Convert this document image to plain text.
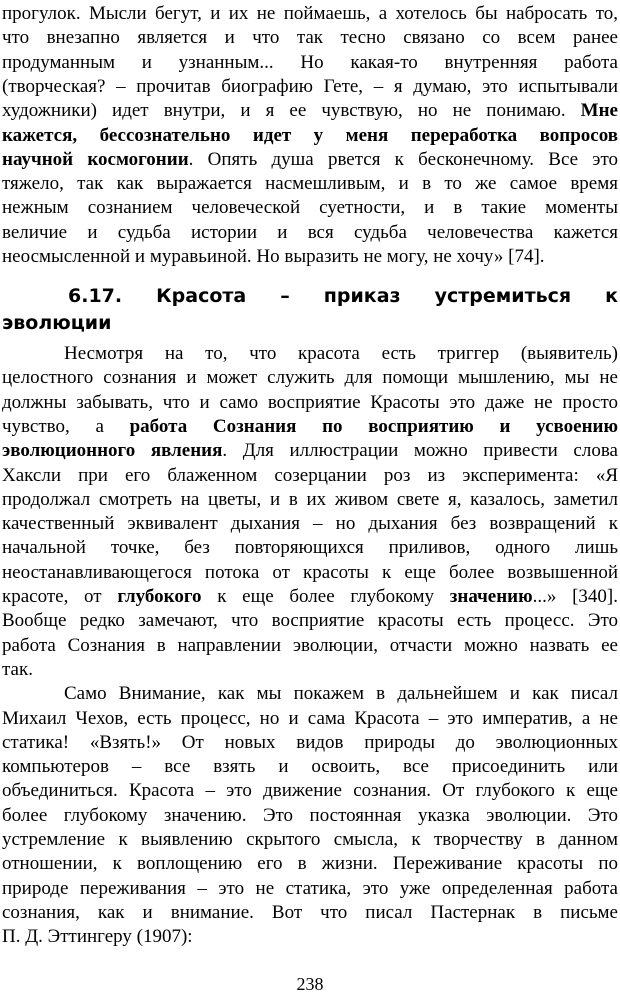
прогулок. Мысли бегут, и их не поймаешь, а хотелось бы набросать то,
что внезапно является и что так тесно связано со всем ранее
продуманным и узнанным... Но какая-то внутренняя работа
(творческая? – прочитав биографию Гете, – я думаю, это испытывали
художники) идет внутри, и я ее чувствую, но не понимаю. Мне
кажется, бессознательно идет у меня переработка вопросов
научной космогонии. Опять душа рвется к бесконечному. Все это
тяжело, так как выражается насмешливым, и в то же самое время
нежным сознанием человеческой суетности, и в такие моменты
величие и судьба истории и вся судьба человечества кажется
неосмысленной и муравьиной. Но выразить не могу, не хочу» [74].
6.17. Красота – приказ устремиться к
эволюции
Несмотря на то, что красота есть триггер (выявитель)
целостного сознания и может служить для помощи мышлению, мы не
должны забывать, что и само восприятие Красоты это даже не просто
чувство, а работа Сознания по восприятию и усвоению
эволюционного явления. Для иллюстрации можно привести слова
Хаксли при его блаженном созерцании роз из эксперимента: «Я
продолжал смотреть на цветы, и в их живом свете я, казалось, заметил
качественный эквивалент дыхания – но дыхания без возвращений к
начальной точке, без повторяющихся приливов, одного лишь
неостанавливающегося потока от красоты к еще более возвышенной
красоте, от глубокого к еще более глубокому значению...» [340].
Вообще редко замечают, что восприятие красоты есть процесс. Это
работа Сознания в направлении эволюции, отчасти можно назвать ее
так.
Само Внимание, как мы покажем в дальнейшем и как писал
Михаил Чехов, есть процесс, но и сама Красота – это императив, а не
статика! «Взять!» От новых видов природы до эволюционных
компьютеров – все взять и освоить, все присоединить или
объединиться. Красота – это движение сознания. От глубокого к еще
более глубокому значению. Это постоянная указка эволюции. Это
устремление к выявлению скрытого смысла, к творчеству в данном
отношении, к воплощению его в жизни. Переживание красоты по
природе переживания – это не статика, это уже определенная работа
сознания, как и внимание. Вот что писал Пастернак в письме
П. Д. Эттингеру (1907):
238
